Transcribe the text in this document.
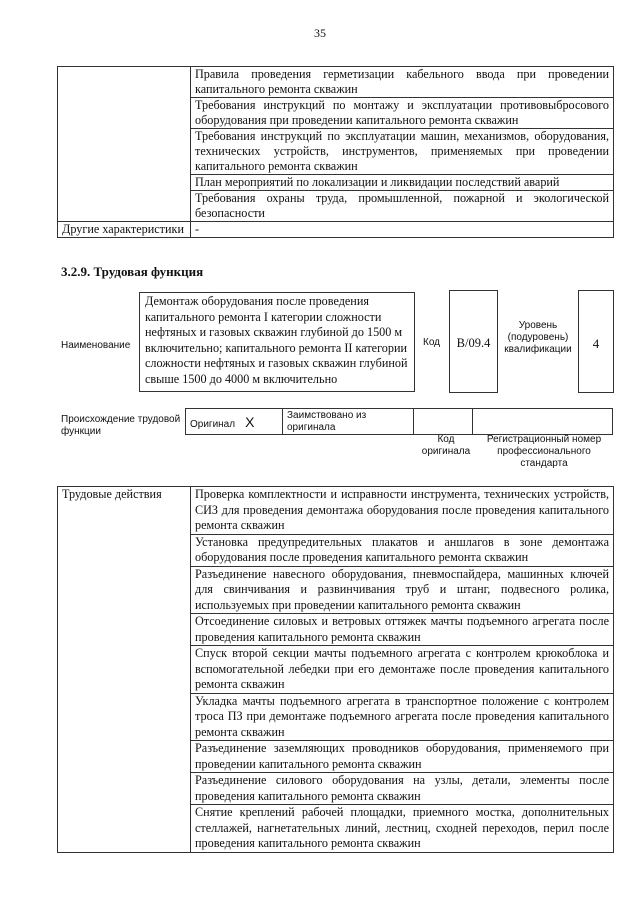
35
	Правила проведения герметизации кабельного ввода при проведении капитального ремонта скважин
	Требования инструкций по монтажу и эксплуатации противовыбросового оборудования при проведении капитального ремонта скважин
	Требования инструкций по эксплуатации машин, механизмов, оборудования, технических устройств, инструментов, применяемых при проведении капитального ремонта скважин
	План мероприятий по локализации и ликвидации последствий аварий
	Требования охраны труда, промышленной, пожарной и экологической безопасности
Другие характеристики	-
3.2.9. Трудовая функция
Наименование
Демонтаж оборудования после проведения капитального ремонта I категории сложности нефтяных и газовых скважин глубиной до 1500 м включительно; капитального ремонта II категории сложности нефтяных и газовых скважин глубиной свыше 1500 до 4000 м включительно
Код	B/09.4
Уровень (подуровень) квалификации	4
Происхождение трудовой функции
Оригинал X	Заимствовано из оригинала		
Код оригинала
Регистрационный номер профессионального стандарта
Трудовые действия	Проверка комплектности и исправности инструмента, технических устройств, СИЗ для проведения демонтажа оборудования после проведения капитального ремонта скважин
Установка предупредительных плакатов и аншлагов в зоне демонтажа оборудования после проведения капитального ремонта скважин
Разъединение навесного оборудования, пневмоспайдера, машинных ключей для свинчивания и развинчивания труб и штанг, подвесного ролика, используемых при проведении капитального ремонта скважин
Отсоединение силовых и ветровых оттяжек мачты подъемного агрегата после проведения капитального ремонта скважин
Спуск второй секции мачты подъемного агрегата с контролем крюкоблока и вспомогательной лебедки при его демонтаже после проведения капитального ремонта скважин
Укладка мачты подъемного агрегата в транспортное положение с контролем троса ПЗ при демонтаже подъемного агрегата после проведения капитального ремонта скважин
Разъединение заземляющих проводников оборудования, применяемого при проведении капитального ремонта скважин
Разъединение силового оборудования на узлы, детали, элементы после проведения капитального ремонта скважин
Снятие креплений рабочей площадки, приемного мостка, дополнительных стеллажей, нагнетательных линий, лестниц, сходней переходов, перил после проведения капитального ремонта скважин
